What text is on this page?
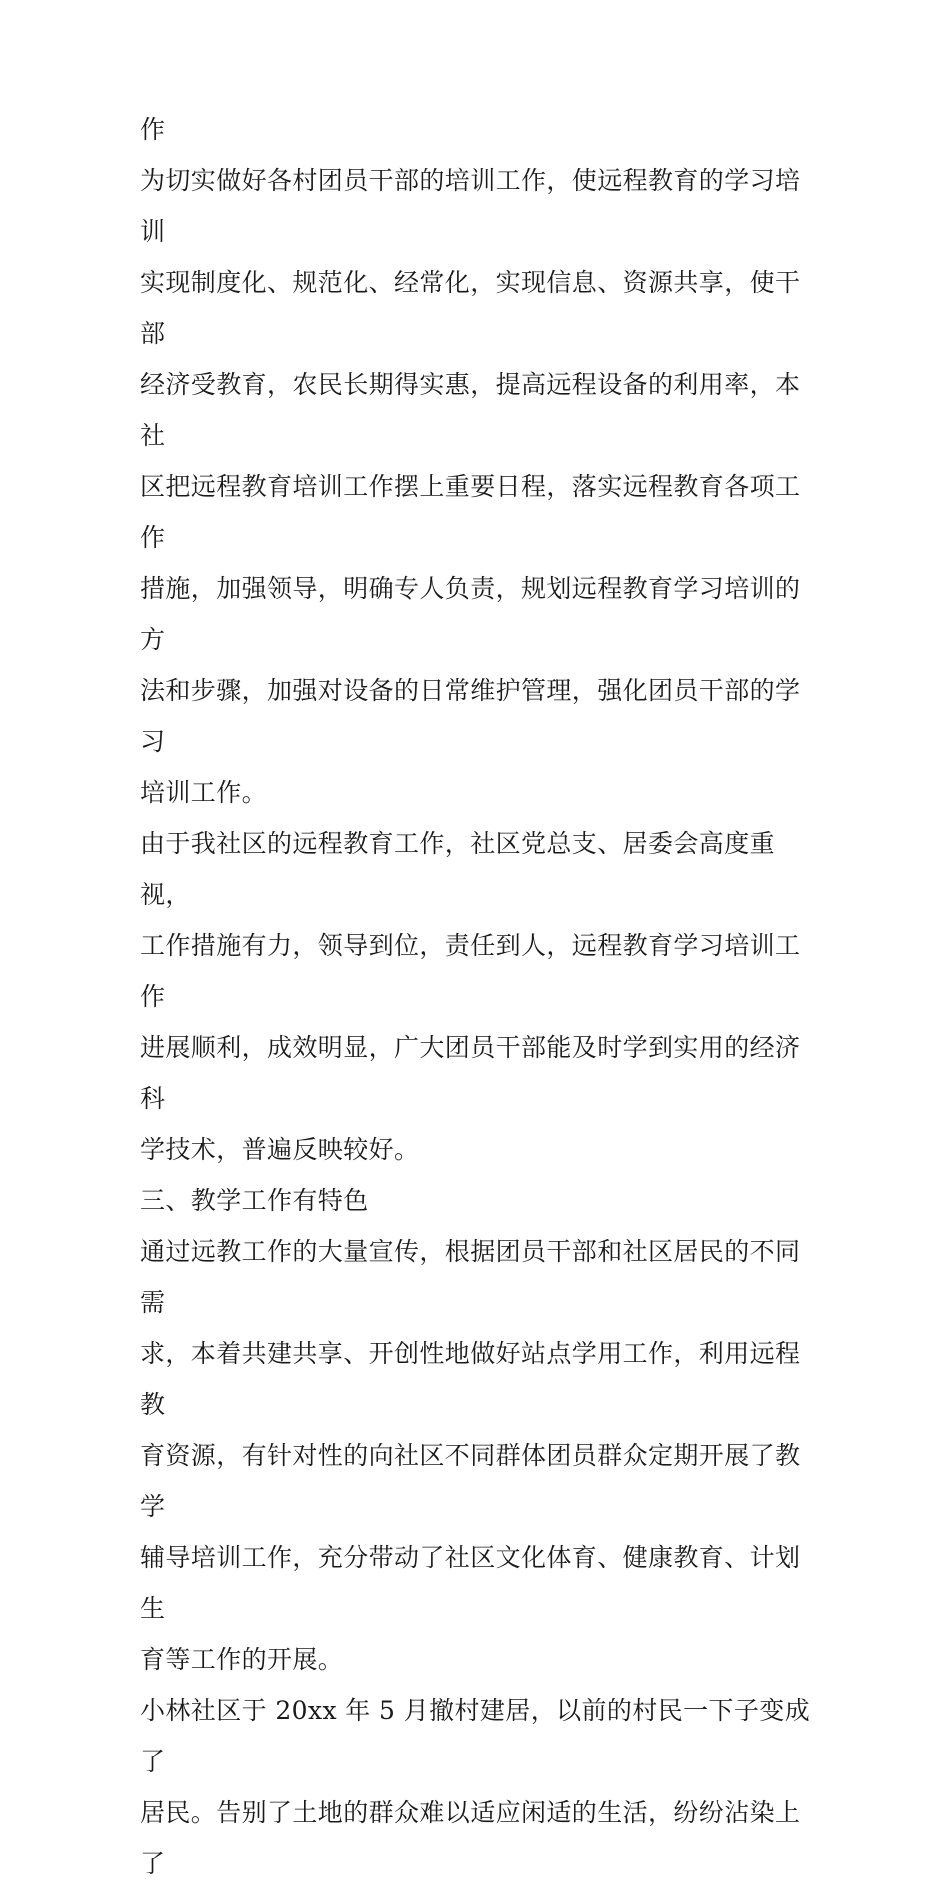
作

为切实做好各村团员干部的培训工作，使远程教育的学习培训
实现制度化、规范化、经常化，实现信息、资源共享，使干部
经济受教育，农民长期得实惠，提高远程设备的利用率，本社
区把远程教育培训工作摆上重要日程，落实远程教育各项工作
措施，加强领导，明确专人负责，规划远程教育学习培训的方
法和步骤，加强对设备的日常维护管理，强化团员干部的学习
培训工作。

由于我社区的远程教育工作，社区党总支、居委会高度重视，
工作措施有力，领导到位，责任到人，远程教育学习培训工作
进展顺利，成效明显，广大团员干部能及时学到实用的经济科
学技术，普遍反映较好。

三、教学工作有特色

通过远教工作的大量宣传，根据团员干部和社区居民的不同需
求，本着共建共享、开创性地做好站点学用工作，利用远程教
育资源，有针对性的向社区不同群体团员群众定期开展了教学
辅导培训工作，充分带动了社区文化体育、健康教育、计划生
育等工作的开展。

小林社区于 20xx 年 5 月撤村建居，以前的村民一下子变成了
居民。告别了土地的群众难以适应闲适的生活，纷纷沾染上了
